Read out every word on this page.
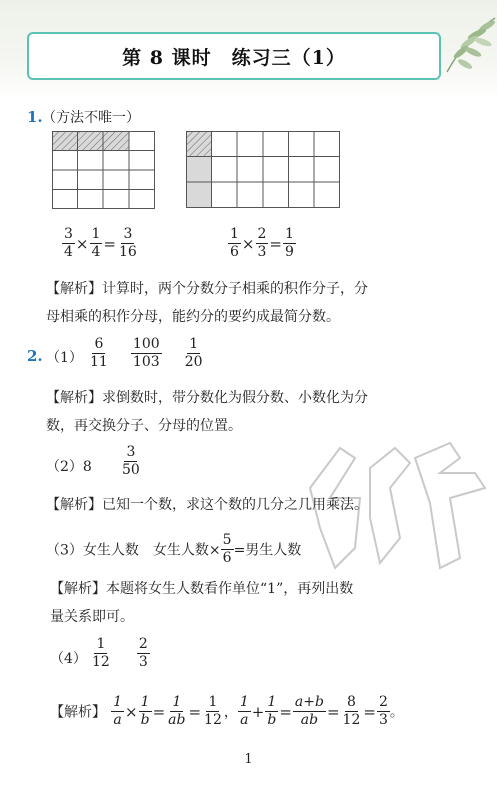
第 8 课时　练习三（1）
1. （方法不唯一）
$\frac{3}{4} \times \frac{1}{4} = \frac{3}{16}$	$\frac{1}{6} \times \frac{2}{3} = \frac{1}{9}$
【解析】计算时，两个分数分子相乘的积作分子，分
母相乘的积作分母，能约分的要约成最简分数。
2. $(1) \frac{6}{11}$
$\frac{100}{103}$
$\frac{1}{20}$
【解析】求倒数时，带分数化为假分数、小数化为分
数，再交换分子、分母的位置。
$(2)8 \frac{3}{50}$
【解析】已知一个数，求这个数的几分之几用乘法。
（3）女生人数　女生人数× $\frac{5}{6}$ =男生人数
【解析】本题将女生人数看作单位“1”，再列出数
量关系即可。
$(4) \frac{1}{12}$
$\frac{2}{3}$
【解析】 $\frac{1}{a} \times \frac{1}{b} = \frac{1}{ab} = \frac{1}{12}$ ， $\frac{1}{a} + \frac{1}{b} = \frac{a+b}{ab} = \frac{8}{12} = \frac{2}{3}$ 。
1
